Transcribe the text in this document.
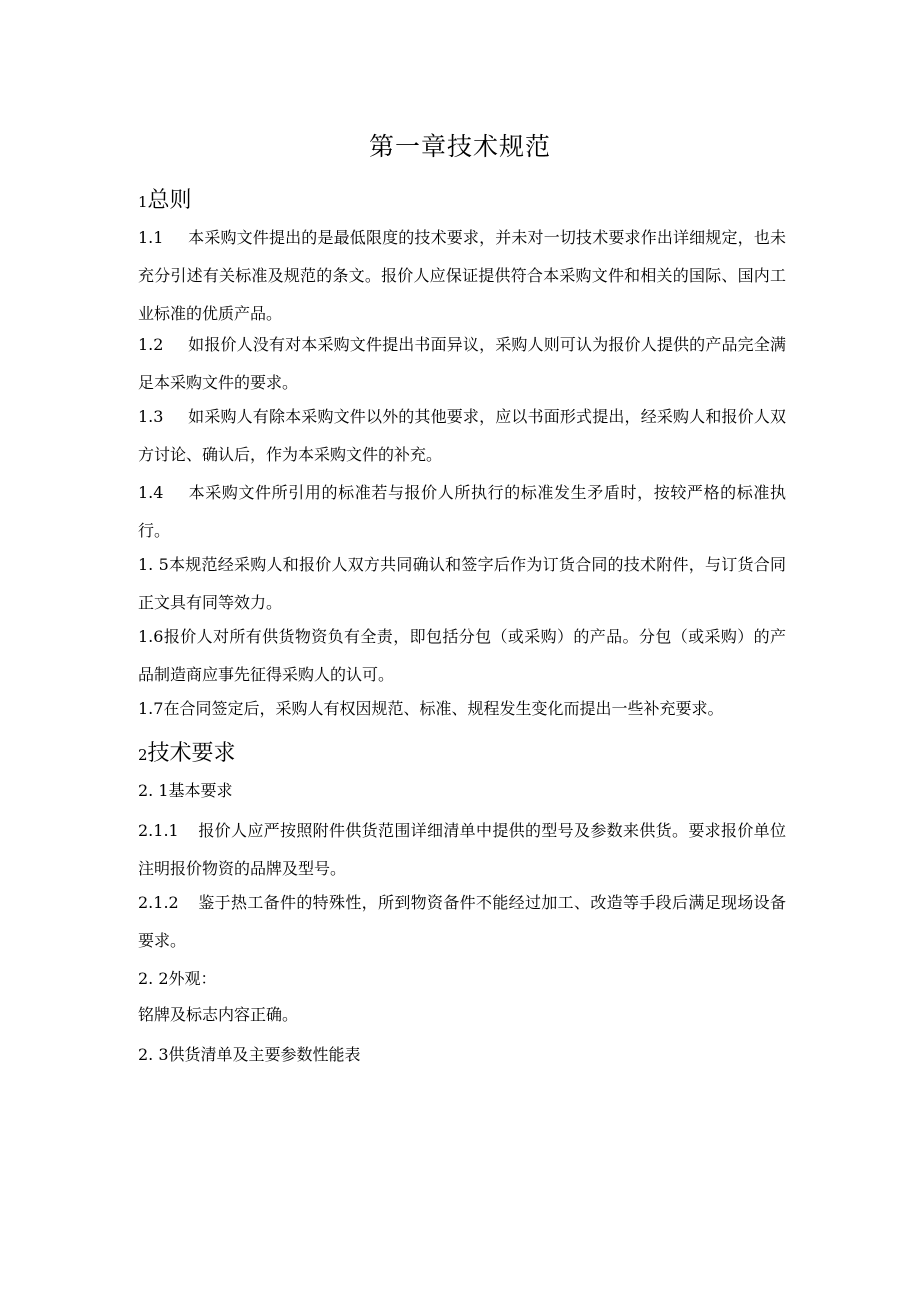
第一章技术规范
1总则
1.1 本采购文件提出的是最低限度的技术要求，并未对一切技术要求作出详细规定，也未充分引述有关标准及规范的条文。报价人应保证提供符合本采购文件和相关的国际、国内工业标准的优质产品。
1.2 如报价人没有对本采购文件提出书面异议，采购人则可认为报价人提供的产品完全满足本采购文件的要求。
1.3 如采购人有除本采购文件以外的其他要求，应以书面形式提出，经采购人和报价人双方讨论、确认后，作为本采购文件的补充。
1.4 本采购文件所引用的标准若与报价人所执行的标准发生矛盾时，按较严格的标准执行。
1. 5本规范经采购人和报价人双方共同确认和签字后作为订货合同的技术附件，与订货合同正文具有同等效力。
1.6报价人对所有供货物资负有全责，即包括分包（或采购）的产品。分包（或采购）的产品制造商应事先征得采购人的认可。
1.7在合同签定后，采购人有权因规范、标准、规程发生变化而提出一些补充要求。
2技术要求
2. 1基本要求
2.1.1 报价人应严按照附件供货范围详细清单中提供的型号及参数来供货。要求报价单位注明报价物资的品牌及型号。
2.1.2 鉴于热工备件的特殊性，所到物资备件不能经过加工、改造等手段后满足现场设备要求。
2. 2外观：
铭牌及标志内容正确。
2. 3供货清单及主要参数性能表
